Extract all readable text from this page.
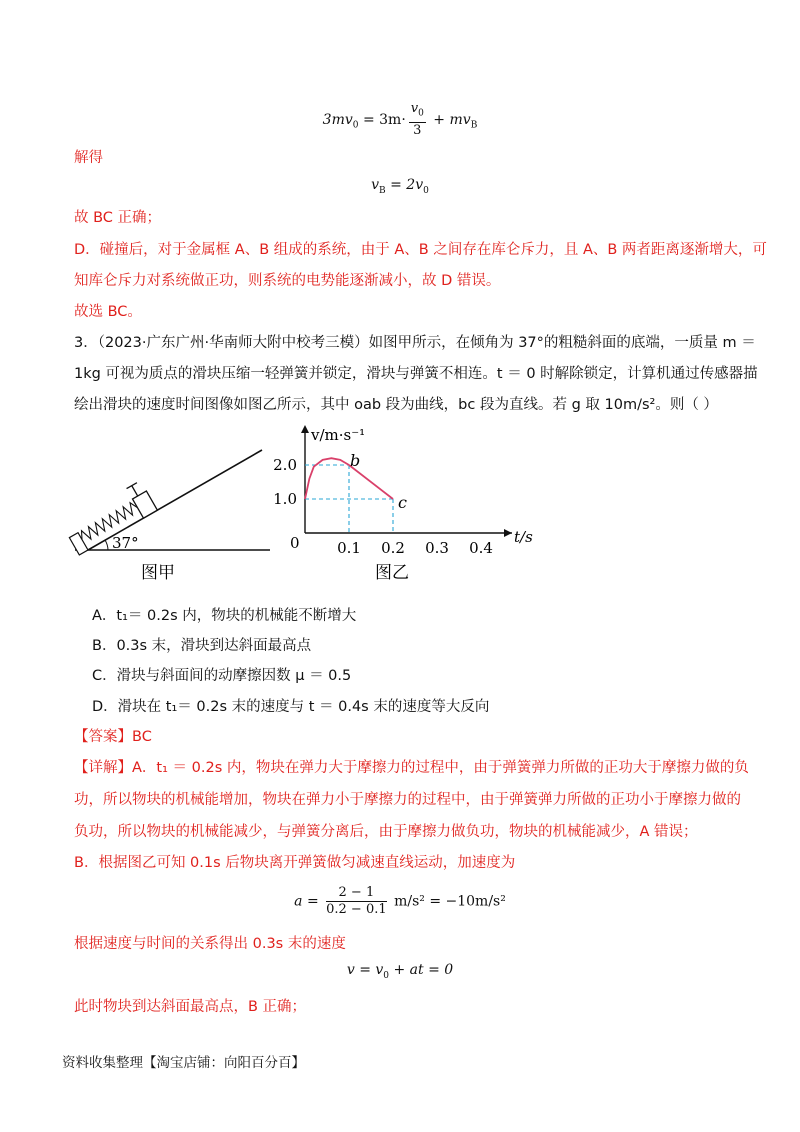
$3mv_0 = 3m\cdot \frac{v_0}{3} + mv_B$
解得
$v_B = 2v_0$
故 BC 正确；
D．碰撞后，对于金属框 A、B 组成的系统，由于 A、B 之间存在库仑斥力，且 A、B 两者距离逐渐增大，可
知库仑斥力对系统做正功，则系统的电势能逐渐减小，故 D 错误。
故选 BC。
3．（2023·广东广州·华南师大附中校考三模）如图甲所示，在倾角为 37°的粗糙斜面的底端，一质量 m ＝
1kg 可视为质点的滑块压缩一轻弹簧并锁定，滑块与弹簧不相连。t ＝ 0 时解除锁定，计算机通过传感器描
绘出滑块的速度时间图像如图乙所示，其中 oab 段为曲线，bc 段为直线。若 g 取 10m/s²。则（ ）
37°
图甲
v/m·s⁻¹
t/s
0	0.1 0.2 0.3 0.4
2.0
1.0
b
c
图乙
A．t₁＝ 0.2s 内，物块的机械能不断增大
B．0.3s 末，滑块到达斜面最高点
C．滑块与斜面间的动摩擦因数 μ ＝ 0.5
D．滑块在 t₁＝ 0.2s 末的速度与 t ＝ 0.4s 末的速度等大反向
【答案】BC
【详解】A．t₁ ＝ 0.2s 内，物块在弹力大于摩擦力的过程中，由于弹簧弹力所做的正功大于摩擦力做的负
功，所以物块的机械能增加，物块在弹力小于摩擦力的过程中，由于弹簧弹力所做的正功小于摩擦力做的
负功，所以物块的机械能减少，与弹簧分离后，由于摩擦力做负功，物块的机械能减少，A 错误；
B．根据图乙可知 0.1s 后物块离开弹簧做匀减速直线运动，加速度为
$a = \frac{2 - 1}{0.2 - 0.1} m/s^2 = -10m/s^2$
根据速度与时间的关系得出 0.3s 末的速度
$v = v_0$ + at = 0
此时物块到达斜面最高点，B 正确；
资料收集整理【淘宝店铺：向阳百分百】
